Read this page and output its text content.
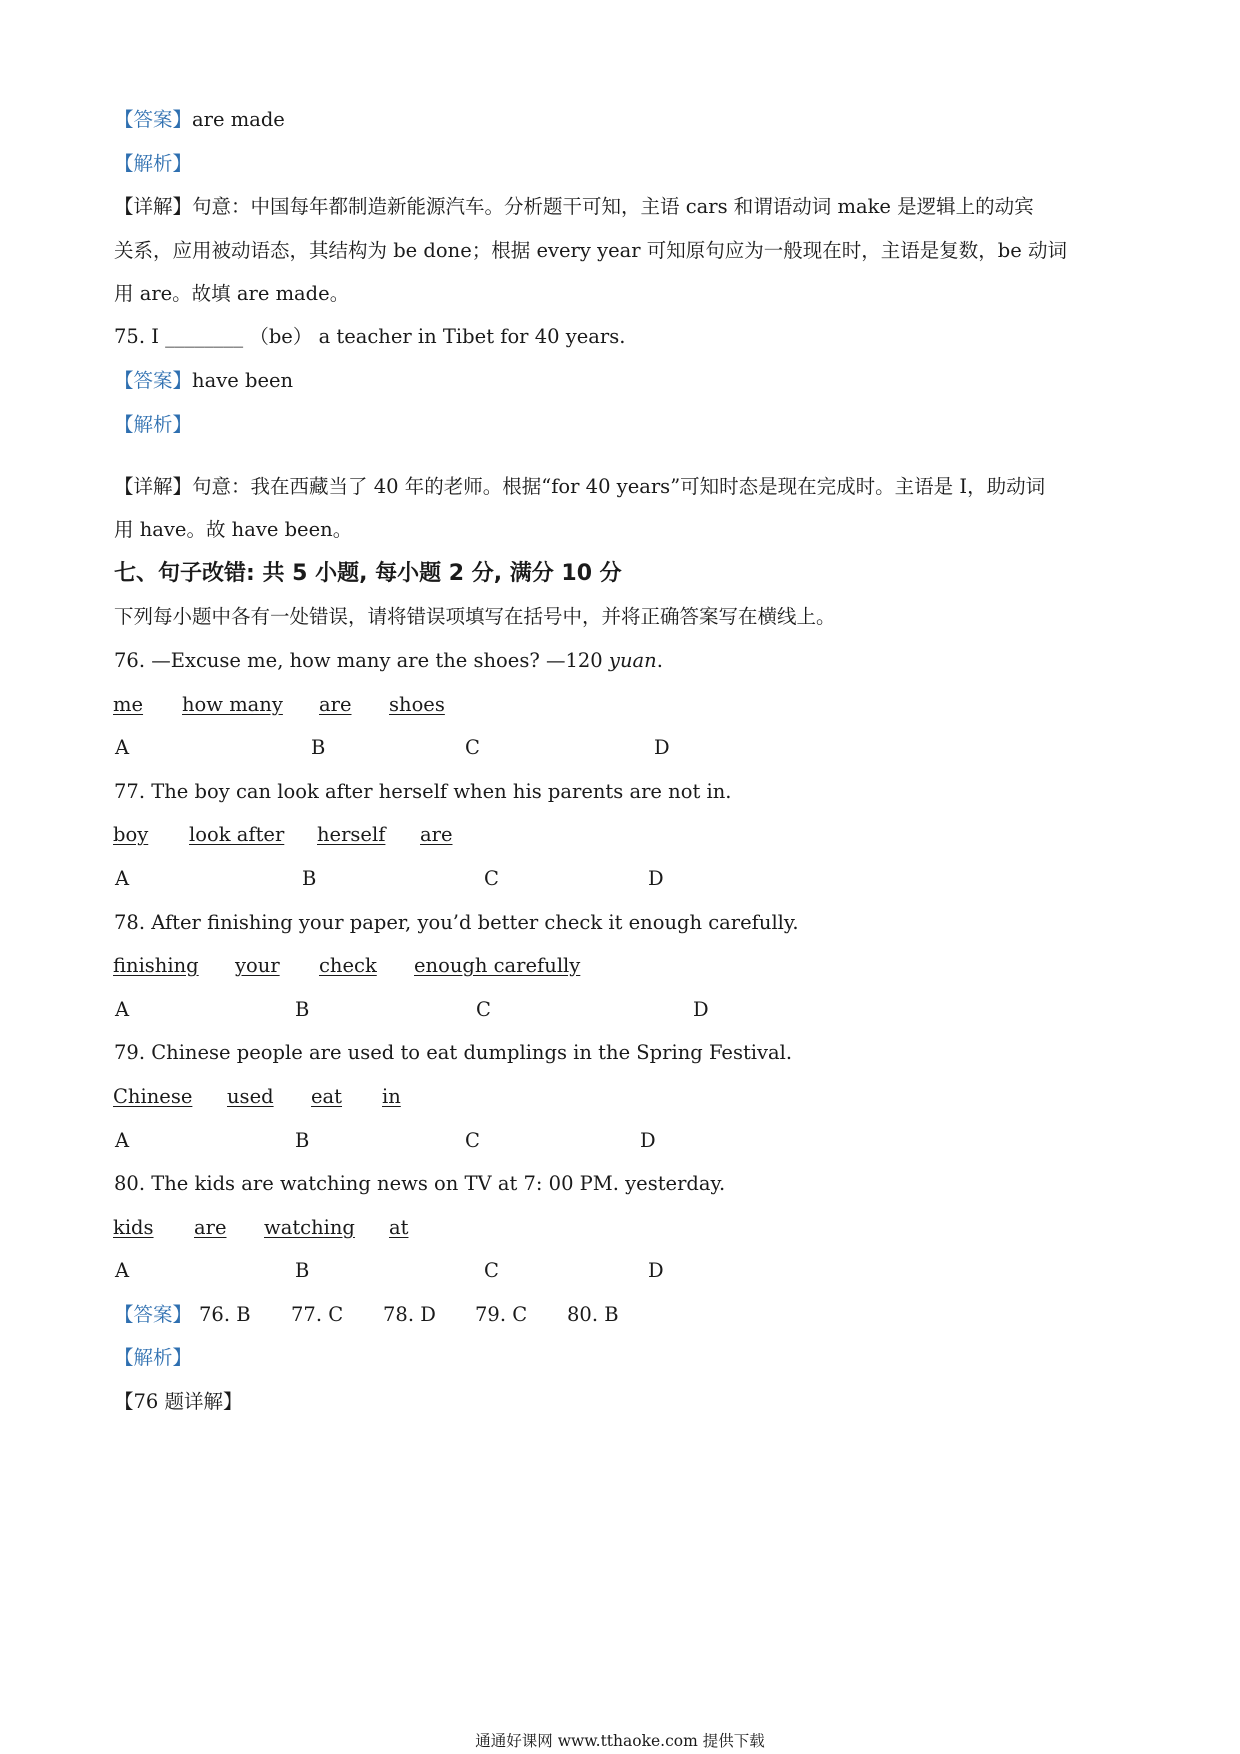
【答案】are made
【解析】
【详解】句意：中国每年都制造新能源汽车。分析题干可知，主语 cars 和谓语动词 make 是逻辑上的动宾
关系，应用被动语态，其结构为 be done；根据 every year 可知原句应为一般现在时，主语是复数，be 动词
用 are。故填 are made。
75. I ________ （be） a teacher in Tibet for 40 years.
【答案】have been
【解析】
【详解】句意：我在西藏当了 40 年的老师。根据“for 40 years”可知时态是现在完成时。主语是 I，助动词
用 have。故 have been。
七、句子改错: 共 5 小题, 每小题 2 分, 满分 10 分
下列每小题中各有一处错误，请将错误项填写在括号中，并将正确答案写在横线上。
76. —Excuse me, how many are the shoes? —120 yuan.
me how many are shoes
A	B	C	D
77. The boy can look after herself when his parents are not in.
boy look after herself are
A	B	C	D
78. After finishing your paper, you’d better check it enough carefully.
finishing your check enough carefully
A	B	C	D
79. Chinese people are used to eat dumplings in the Spring Festival.
Chinese used eat in
A	B	C	D
80. The kids are watching news on TV at 7: 00 PM. yesterday.
kids are watching at
A	B	C	D
【答案】 76. B 77. C 78. D 79. C 80. B
【解析】
【76 题详解】
通通好课网 www.tthaoke.com 提供下载
